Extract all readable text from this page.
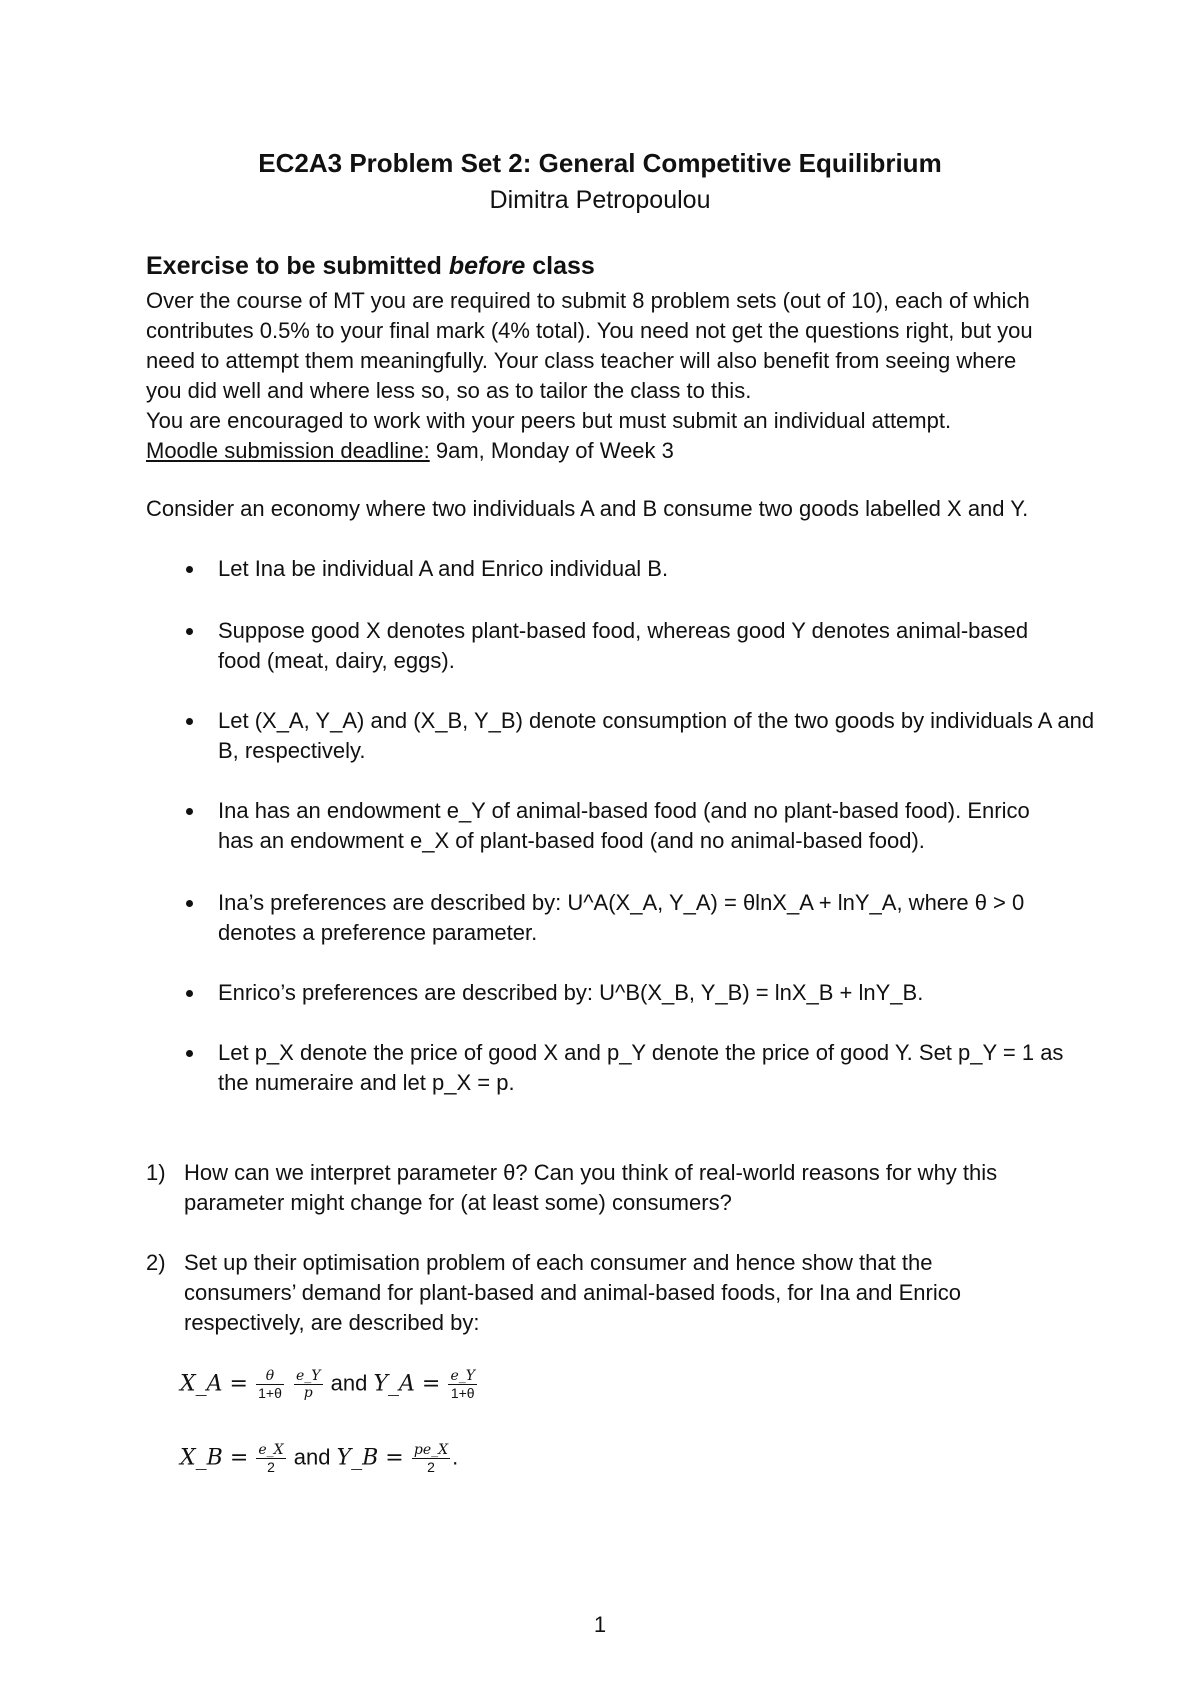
EC2A3 Problem Set 2: General Competitive Equilibrium
Dimitra Petropoulou
Exercise to be submitted before class
Over the course of MT you are required to submit 8 problem sets (out of 10), each of which
contributes 0.5% to your final mark (4% total). You need not get the questions right, but you
need to attempt them meaningfully. Your class teacher will also benefit from seeing where
you did well and where less so, so as to tailor the class to this.
You are encouraged to work with your peers but must submit an individual attempt.
Moodle submission deadline: 9am, Monday of Week 3
Consider an economy where two individuals A and B consume two goods labelled X and Y.
Let Ina be individual A and Enrico individual B.
Suppose good X denotes plant-based food, whereas good Y denotes animal-based
food (meat, dairy, eggs).
Let (X_A, Y_A) and (X_B, Y_B) denote consumption of the two goods by individuals A and
B, respectively.
Ina has an endowment e_Y of animal-based food (and no plant-based food). Enrico
has an endowment e_X of plant-based food (and no animal-based food).
Ina’s preferences are described by: U^A(X_A, Y_A) = θlnX_A + lnY_A, where θ > 0
denotes a preference parameter.
Enrico’s preferences are described by: U^B(X_B, Y_B) = lnX_B + lnY_B.
Let p_X denote the price of good X and p_Y denote the price of good Y. Set p_Y = 1 as
the numeraire and let p_X = p.
1) How can we interpret parameter θ? Can you think of real-world reasons for why this
parameter might change for (at least some) consumers?
2) Set up their optimisation problem of each consumer and hence show that the
consumers’ demand for plant-based and animal-based foods, for Ina and Enrico
respectively, are described by:
X_A = $\frac{\theta}{1+\theta}$
$\frac{e\_Y}{p}$ and Y_A = $\frac{e\_Y}{1+\theta}$
X_B = $\frac{e\_X}{2}$ and Y_B = $\frac{pe\_X}{2}$ .
1
